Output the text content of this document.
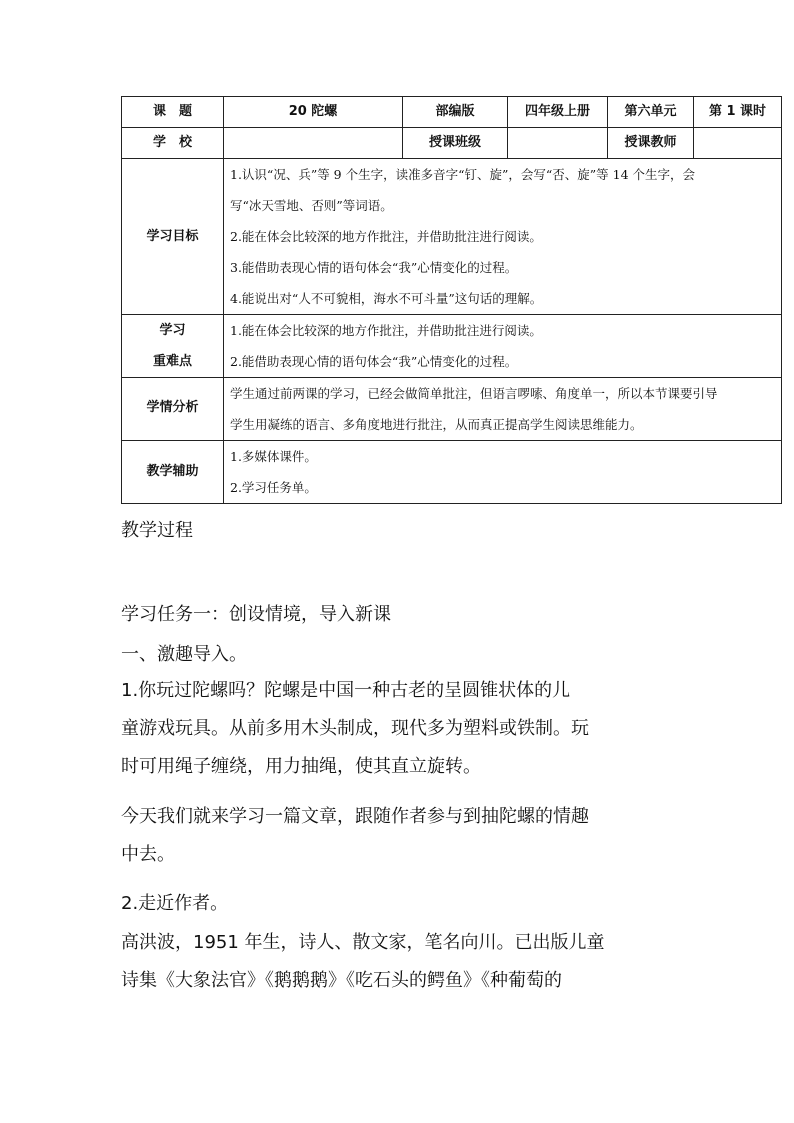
课　题	20 陀螺	部编版	四年级上册	第六单元	第 1 课时
学　校		授课班级		授课教师	
学习目标	1.认识“况、兵”等 9 个生字，读准多音字“钉、旋”，会写“否、旋”等 14 个生字，会
写“冰天雪地、否则”等词语。
2.能在体会比较深的地方作批注，并借助批注进行阅读。
3.能借助表现心情的语句体会“我”心情变化的过程。
4.能说出对“人不可貌相，海水不可斗量”这句话的理解。				

学习
重难点	1.能在体会比较深的地方作批注，并借助批注进行阅读。
2.能借助表现心情的语句体会“我”心情变化的过程。				

学情分析	学生通过前两课的学习，已经会做简单批注，但语言啰嗦、角度单一，所以本节课要引导
学生用凝练的语言、多角度地进行批注，从而真正提高学生阅读思维能力。				

教学辅助	1.多媒体课件。
2.学习任务单。				
教学过程
学习任务一：创设情境，导入新课
一、激趣导入。
1.你玩过陀螺吗？陀螺是中国一种古老的呈圆锥状体的儿
童游戏玩具。从前多用木头制成，现代多为塑料或铁制。玩
时可用绳子缠绕，用力抽绳，使其直立旋转。
今天我们就来学习一篇文章，跟随作者参与到抽陀螺的情趣
中去。
2.走近作者。
高洪波，1951 年生，诗人、散文家，笔名向川。已出版儿童
诗集《大象法官》《鹅鹅鹅》《吃石头的鳄鱼》《种葡萄的
